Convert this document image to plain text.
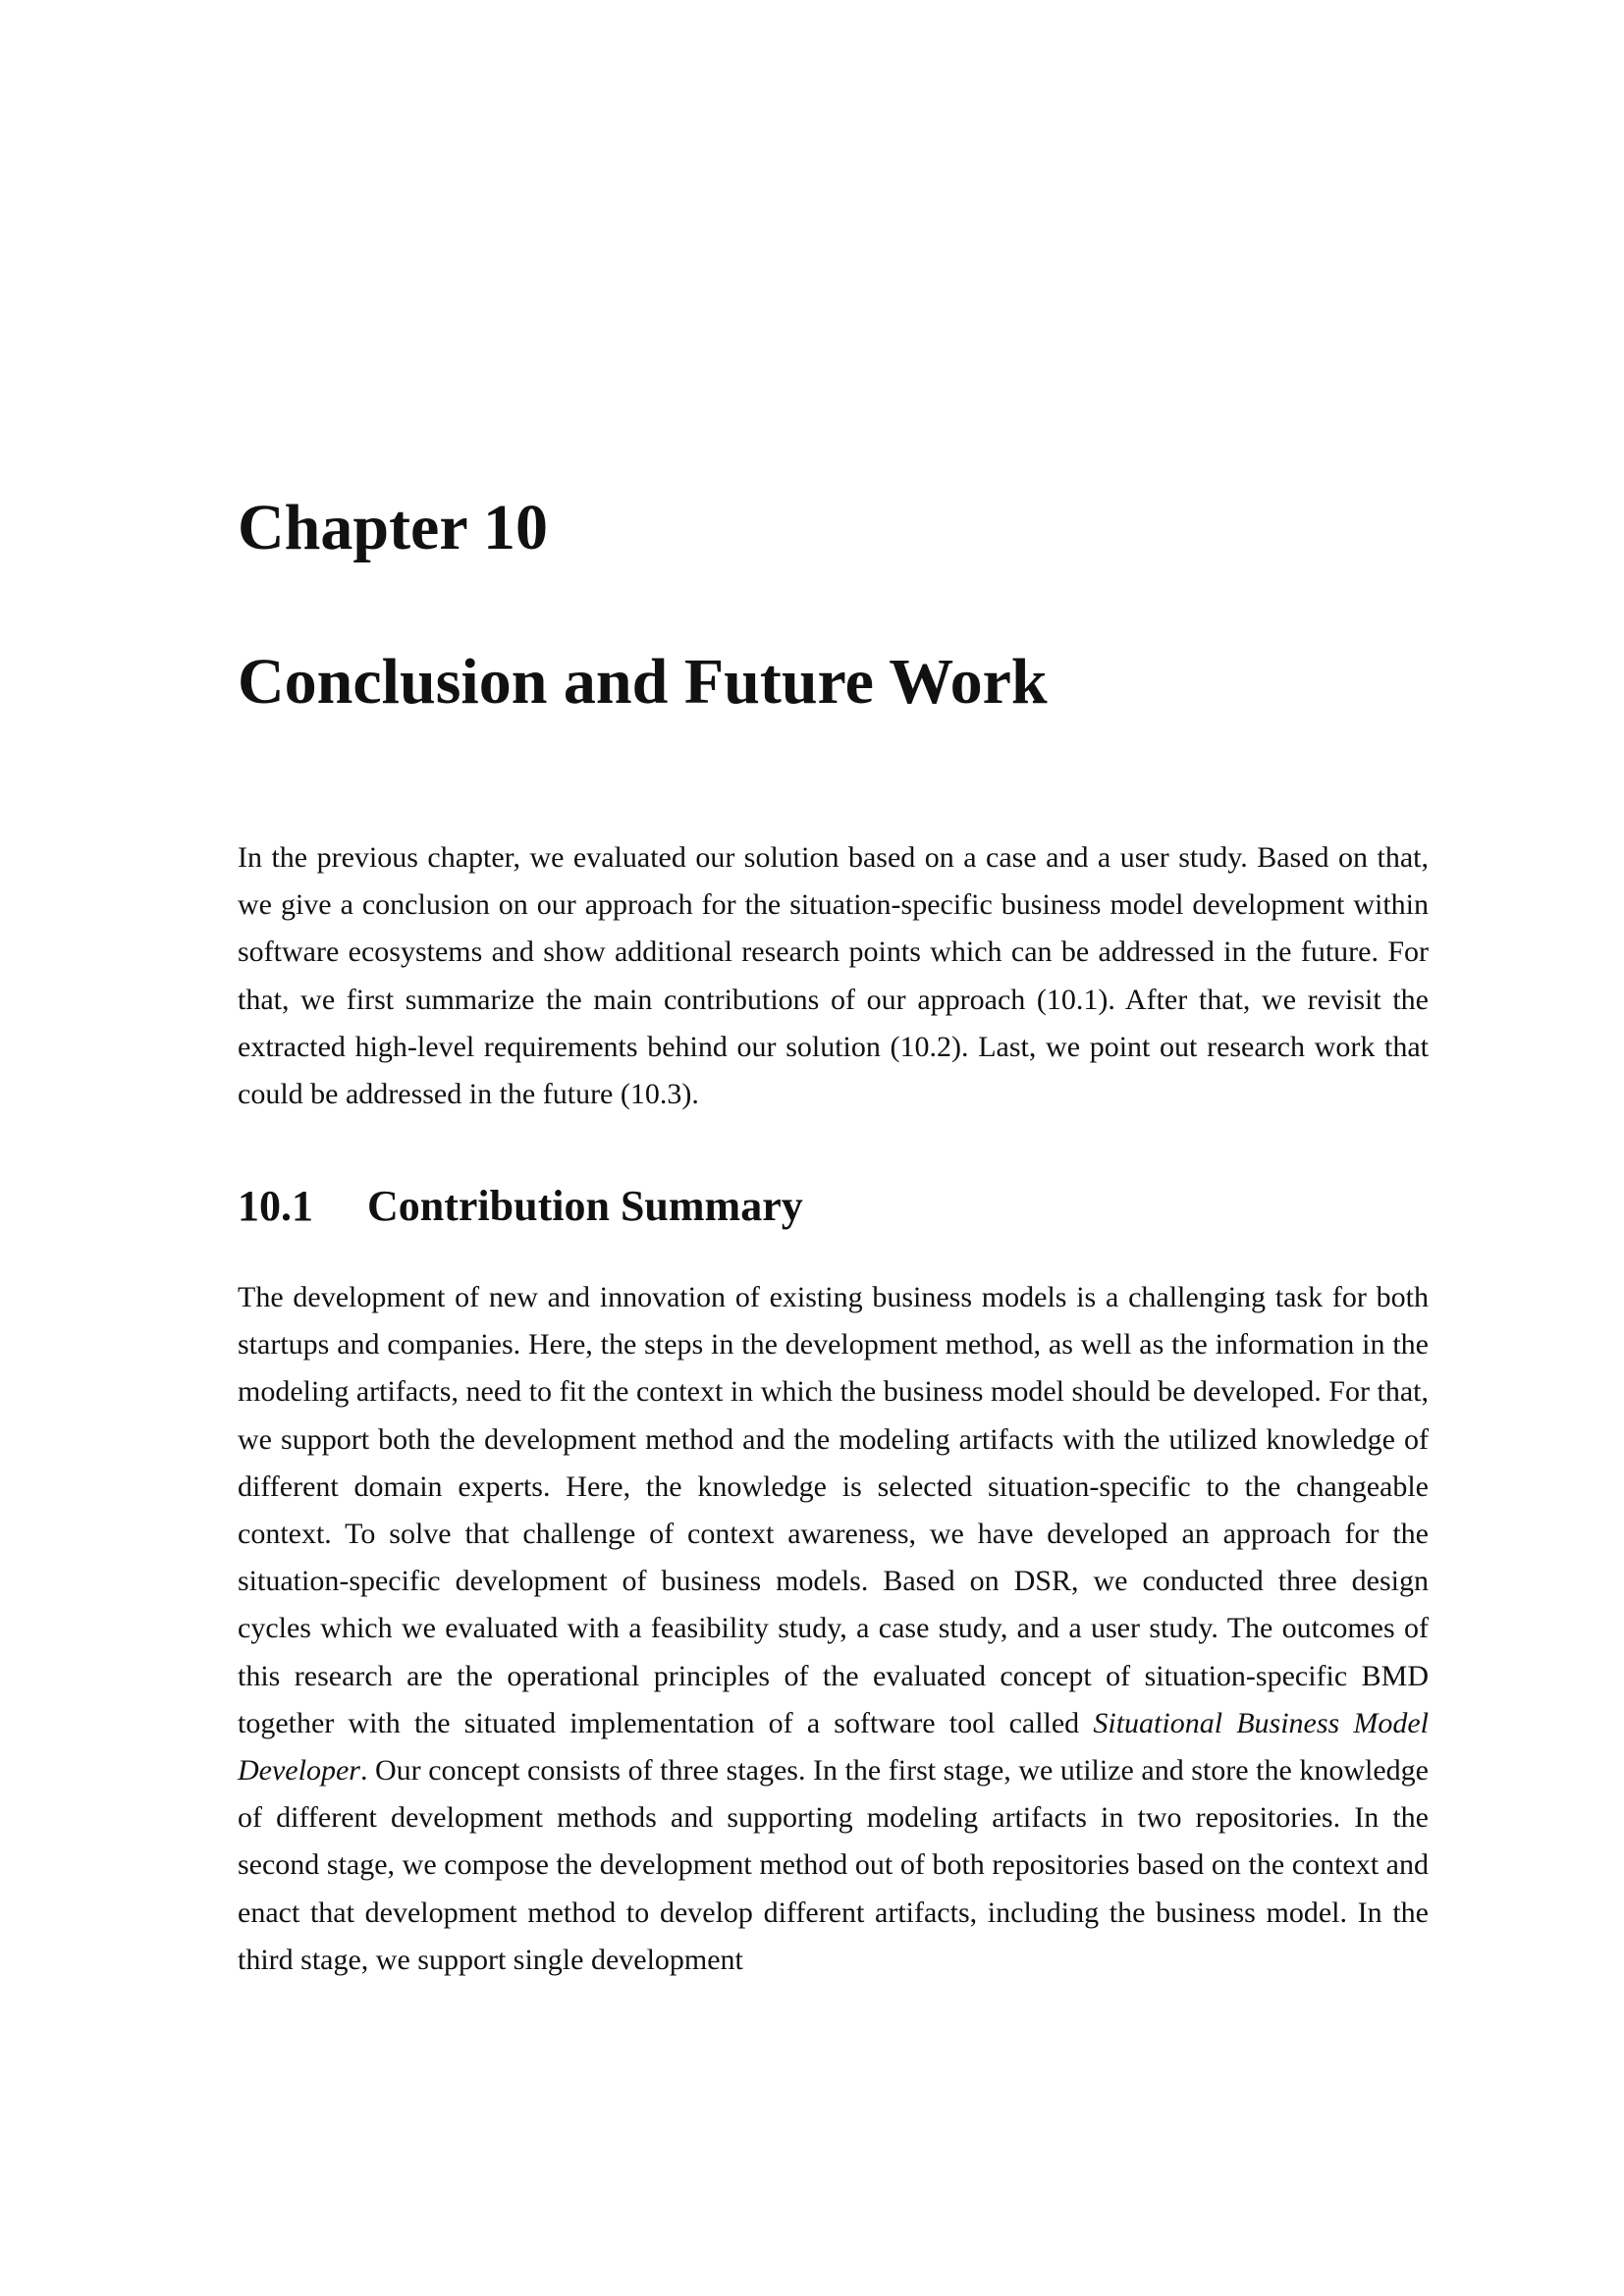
Chapter 10
Conclusion and Future Work

In the previous chapter, we evaluated our solution based on a case and a user study. Based on that, we give a conclusion on our approach for the situation-specific business model development within software ecosystems and show additional research points which can be addressed in the future. For that, we first summarize the main contributions of our approach (10.1). After that, we revisit the extracted high-level requirements behind our solution (10.2). Last, we point out research work that could be addressed in the future (10.3).

10.1 Contribution Summary

The development of new and innovation of existing business models is a challenging task for both startups and companies. Here, the steps in the development method, as well as the information in the modeling artifacts, need to fit the context in which the business model should be developed. For that, we support both the development method and the modeling artifacts with the utilized knowledge of different domain experts. Here, the knowledge is selected situation-specific to the changeable context. To solve that challenge of context awareness, we have developed an approach for the situation-specific development of business models. Based on DSR, we conducted three design cycles which we evaluated with a feasibility study, a case study, and a user study. The outcomes of this research are the operational principles of the evaluated concept of situation-specific BMD together with the situated implementation of a software tool called Situational Business Model Developer. Our concept consists of three stages. In the first stage, we utilize and store the knowledge of different development methods and supporting modeling artifacts in two repositories. In the second stage, we compose the development method out of both repositories based on the context and enact that development method to develop different artifacts, including the business model. In the third stage, we support single development
